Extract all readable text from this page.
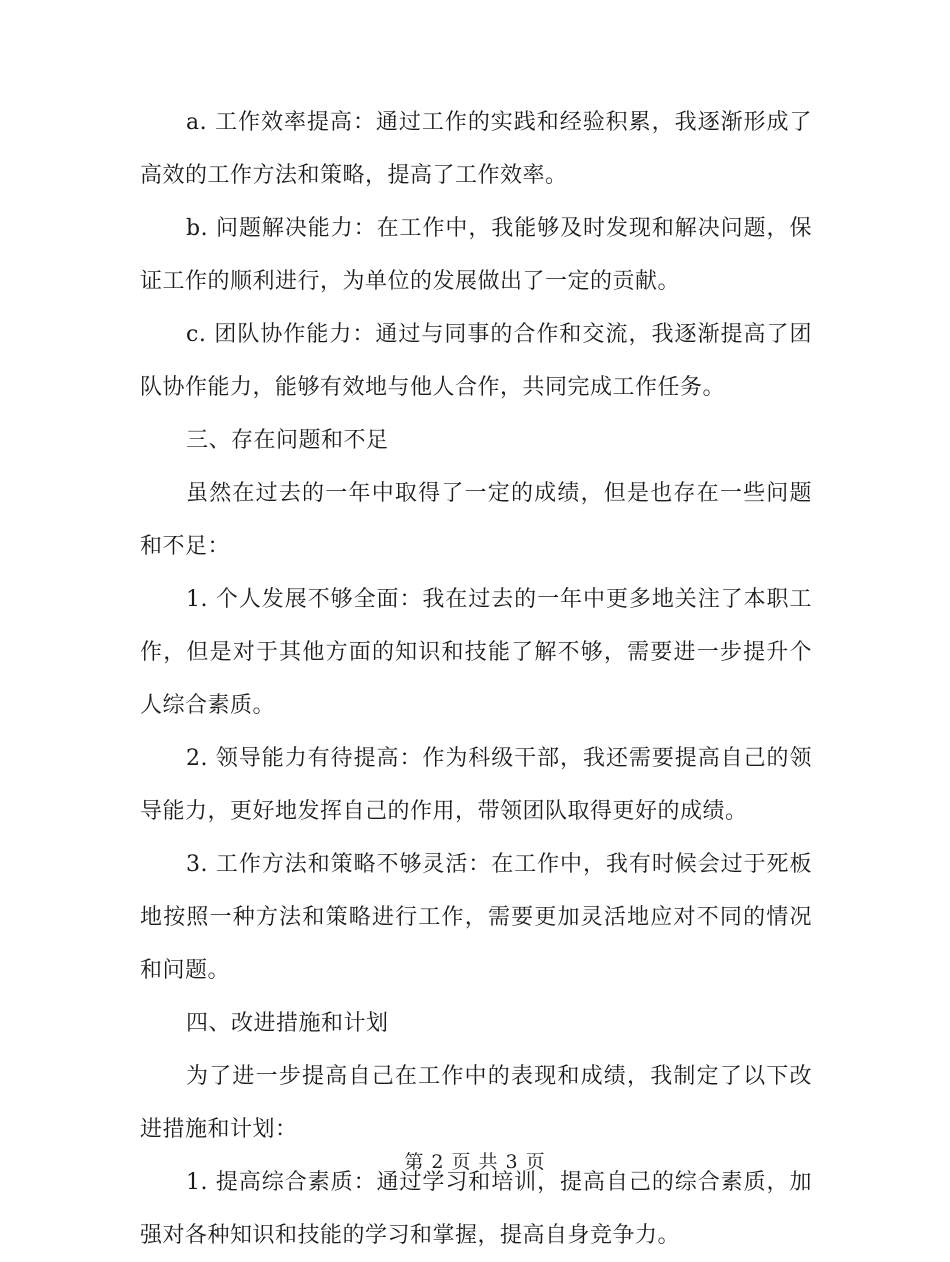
a. 工作效率提高：通过工作的实践和经验积累，我逐渐形成了高效的工作方法和策略，提高了工作效率。

b. 问题解决能力：在工作中，我能够及时发现和解决问题，保证工作的顺利进行，为单位的发展做出了一定的贡献。

c. 团队协作能力：通过与同事的合作和交流，我逐渐提高了团队协作能力，能够有效地与他人合作，共同完成工作任务。

三、存在问题和不足

虽然在过去的一年中取得了一定的成绩，但是也存在一些问题和不足：

1. 个人发展不够全面：我在过去的一年中更多地关注了本职工作，但是对于其他方面的知识和技能了解不够，需要进一步提升个人综合素质。

2. 领导能力有待提高：作为科级干部，我还需要提高自己的领导能力，更好地发挥自己的作用，带领团队取得更好的成绩。

3. 工作方法和策略不够灵活：在工作中，我有时候会过于死板地按照一种方法和策略进行工作，需要更加灵活地应对不同的情况和问题。

四、改进措施和计划

为了进一步提高自己在工作中的表现和成绩，我制定了以下改进措施和计划：

1. 提高综合素质：通过学习和培训，提高自己的综合素质，加强对各种知识和技能的学习和掌握，提高自身竞争力。

第 2 页 共 3 页
